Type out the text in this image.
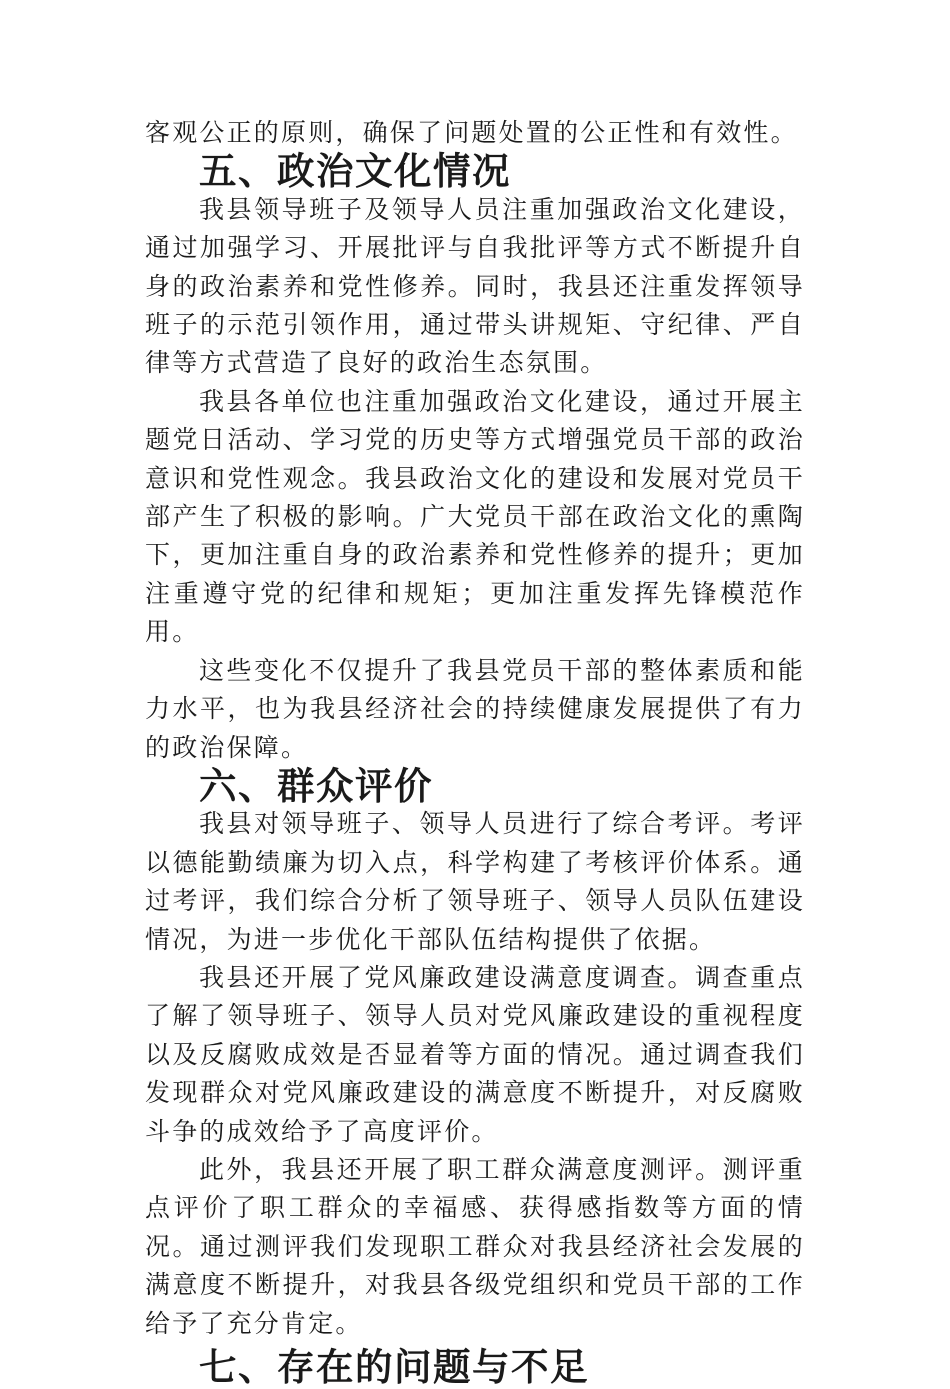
客观公正的原则，确保了问题处置的公正性和有效性。

五、政治文化情况

我县领导班子及领导人员注重加强政治文化建设，通过加强学习、开展批评与自我批评等方式不断提升自身的政治素养和党性修养。同时，我县还注重发挥领导班子的示范引领作用，通过带头讲规矩、守纪律、严自律等方式营造了良好的政治生态氛围。

我县各单位也注重加强政治文化建设，通过开展主题党日活动、学习党的历史等方式增强党员干部的政治意识和党性观念。我县政治文化的建设和发展对党员干部产生了积极的影响。广大党员干部在政治文化的熏陶下，更加注重自身的政治素养和党性修养的提升；更加注重遵守党的纪律和规矩；更加注重发挥先锋模范作用。

这些变化不仅提升了我县党员干部的整体素质和能力水平，也为我县经济社会的持续健康发展提供了有力的政治保障。

六、群众评价

我县对领导班子、领导人员进行了综合考评。考评以德能勤绩廉为切入点，科学构建了考核评价体系。通过考评，我们综合分析了领导班子、领导人员队伍建设情况，为进一步优化干部队伍结构提供了依据。

我县还开展了党风廉政建设满意度调查。调查重点了解了领导班子、领导人员对党风廉政建设的重视程度以及反腐败成效是否显着等方面的情况。通过调查我们发现群众对党风廉政建设的满意度不断提升，对反腐败斗争的成效给予了高度评价。

此外，我县还开展了职工群众满意度测评。测评重点评价了职工群众的幸福感、获得感指数等方面的情况。通过测评我们发现职工群众对我县经济社会发展的满意度不断提升，对我县各级党组织和党员干部的工作给予了充分肯定。

七、存在的问题与不足
